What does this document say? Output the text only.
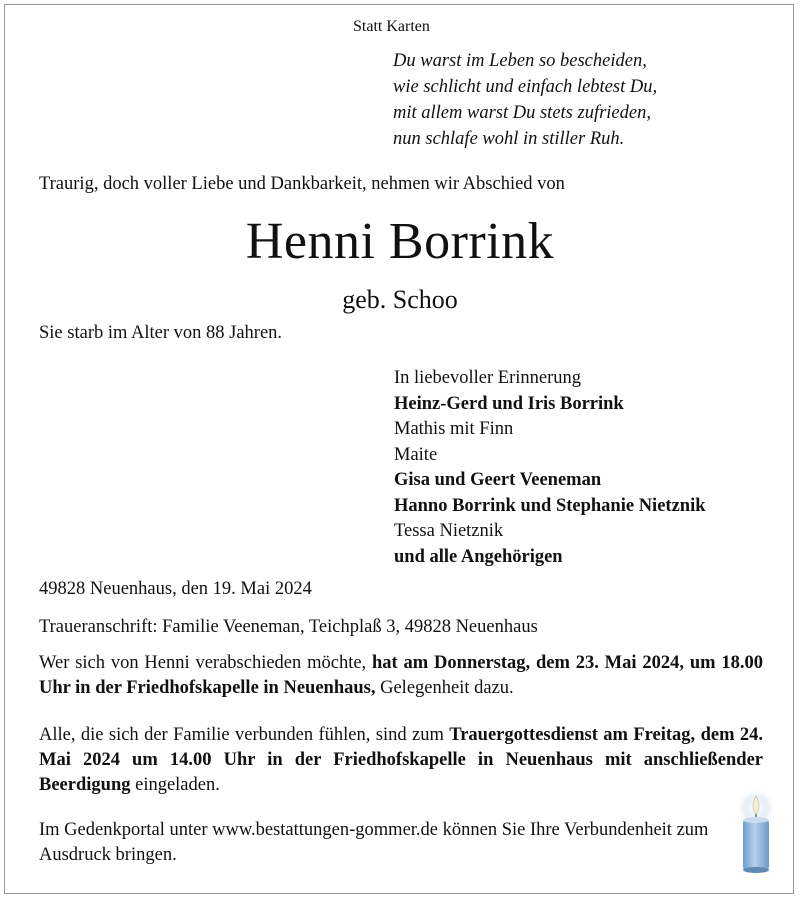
Statt Karten
Du warst im Leben so bescheiden,
wie schlicht und einfach lebtest Du,
mit allem warst Du stets zufrieden,
nun schlafe wohl in stiller Ruh.
Traurig, doch voller Liebe und Dankbarkeit, nehmen wir Abschied von
Henni Borrink
geb. Schoo
Sie starb im Alter von 88 Jahren.
In liebevoller Erinnerung
Heinz-Gerd und Iris Borrink
Mathis mit Finn
Maite
Gisa und Geert Veeneman
Hanno Borrink und Stephanie Nietznik
Tessa Nietznik
und alle Angehörigen
49828 Neuenhaus, den 19. Mai 2024
Traueranschrift: Familie Veeneman, Teichplaß 3, 49828 Neuenhaus
Wer sich von Henni verabschieden möchte, hat am Donnerstag, dem 23. Mai 2024, um 18.00 Uhr in der Friedhofskapelle in Neuenhaus, Gelegenheit dazu.
Alle, die sich der Familie verbunden fühlen, sind zum Trauergottesdienst am Freitag, dem 24. Mai 2024 um 14.00 Uhr in der Friedhofskapelle in Neuenhaus mit anschließender Beerdigung eingeladen.
Im Gedenkportal unter www.bestattungen-gommer.de können Sie Ihre Verbundenheit zum Ausdruck bringen.
